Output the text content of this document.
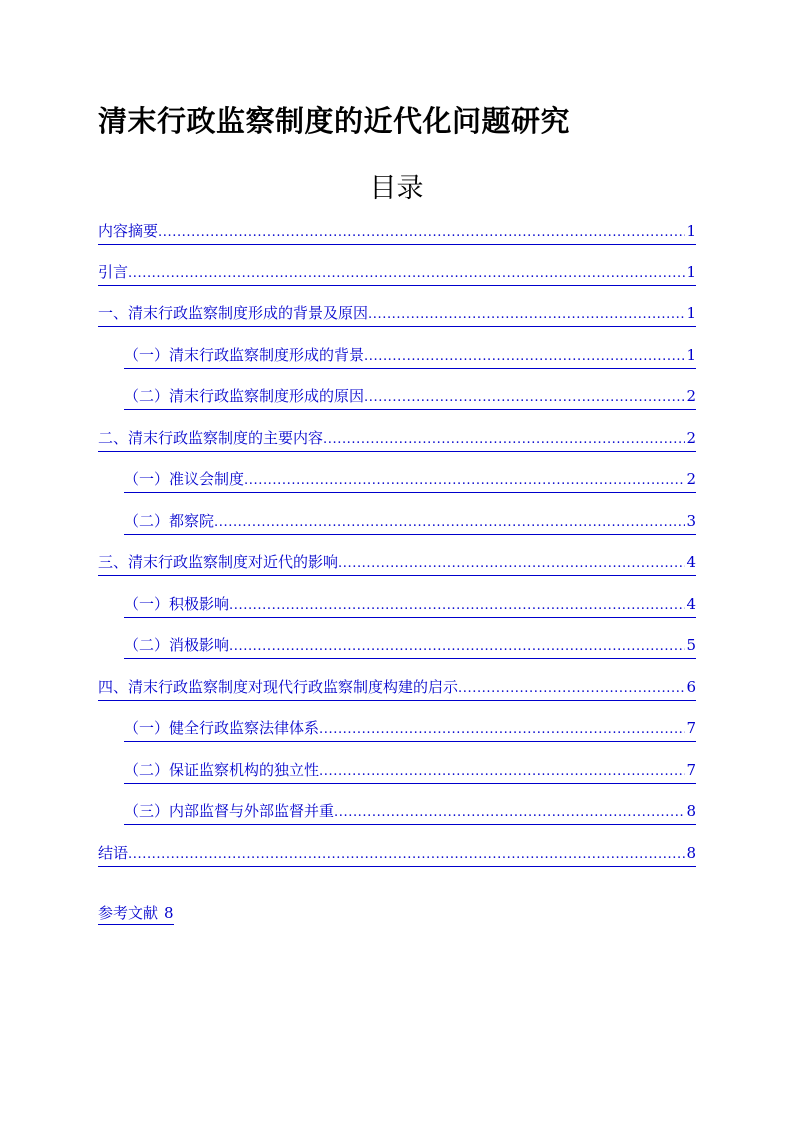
清末行政监察制度的近代化问题研究
目录
内容摘要 .....	1
引言 .....	1
一、清末行政监察制度形成的背景及原因 .....	1
（一）清末行政监察制度形成的背景 .....	1
（二）清末行政监察制度形成的原因 .....	2
二、清末行政监察制度的主要内容 .....	2
（一）准议会制度 .....	2
（二）都察院 .....	3
三、清末行政监察制度对近代的影响 .....	4
（一）积极影响 .....	4
（二）消极影响 .....	5
四、清末行政监察制度对现代行政监察制度构建的启示 .....	6
（一）健全行政监察法律体系 .....	7
（二）保证监察机构的独立性 .....	7
（三）内部监督与外部监督并重 .....	8
结语 .....	8
参考文献 8
